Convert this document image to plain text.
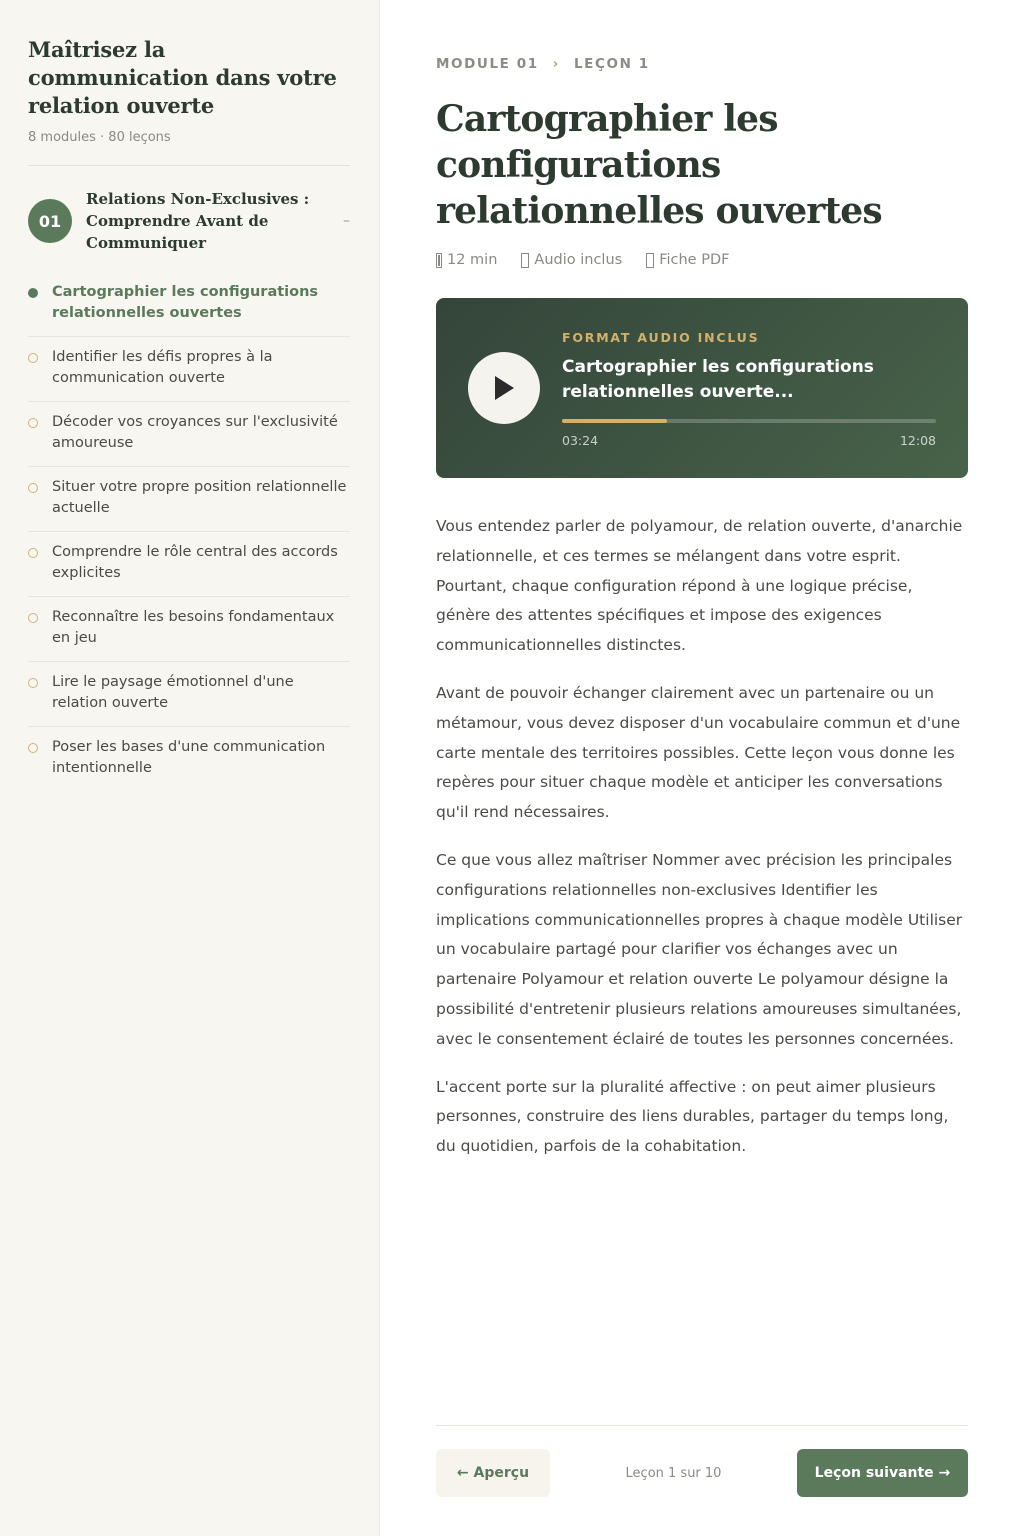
Maîtrisez la communication dans votre relation ouverte
8 modules · 80 leçons
01
Relations Non-Exclusives : Comprendre Avant de Communiquer
–
Cartographier les configurations relationnelles ouvertes
Identifier les défis propres à la communication ouverte
Décoder vos croyances sur l'exclusivité amoureuse
Situer votre propre position relationnelle actuelle
Comprendre le rôle central des accords explicites
Reconnaître les besoins fondamentaux en jeu
Lire le paysage émotionnel d'une relation ouverte
Poser les bases d'une communication intentionnelle
MODULE 01 › LEÇON 1
Cartographier les configurations relationnelles ouvertes
12 min	Audio inclus	Fiche PDF
FORMAT AUDIO INCLUS
Cartographier les configurations relationnelles ouverte...
03:24	12:08

Vous entendez parler de polyamour, de relation ouverte, d'anarchie relationnelle, et ces termes se mélangent dans votre esprit. Pourtant, chaque configuration répond à une logique précise, génère des attentes spécifiques et impose des exigences communicationnelles distinctes.

Avant de pouvoir échanger clairement avec un partenaire ou un métamour, vous devez disposer d'un vocabulaire commun et d'une carte mentale des territoires possibles. Cette leçon vous donne les repères pour situer chaque modèle et anticiper les conversations qu'il rend nécessaires.

Ce que vous allez maîtriser Nommer avec précision les principales configurations relationnelles non-exclusives Identifier les implications communicationnelles propres à chaque modèle Utiliser un vocabulaire partagé pour clarifier vos échanges avec un partenaire Polyamour et relation ouverte Le polyamour désigne la possibilité d'entretenir plusieurs relations amoureuses simultanées, avec le consentement éclairé de toutes les personnes concernées.

L'accent porte sur la pluralité affective : on peut aimer plusieurs personnes, construire des liens durables, partager du temps long, du quotidien, parfois de la cohabitation.

← Aperçu	Leçon 1 sur 10	Leçon suivante →
